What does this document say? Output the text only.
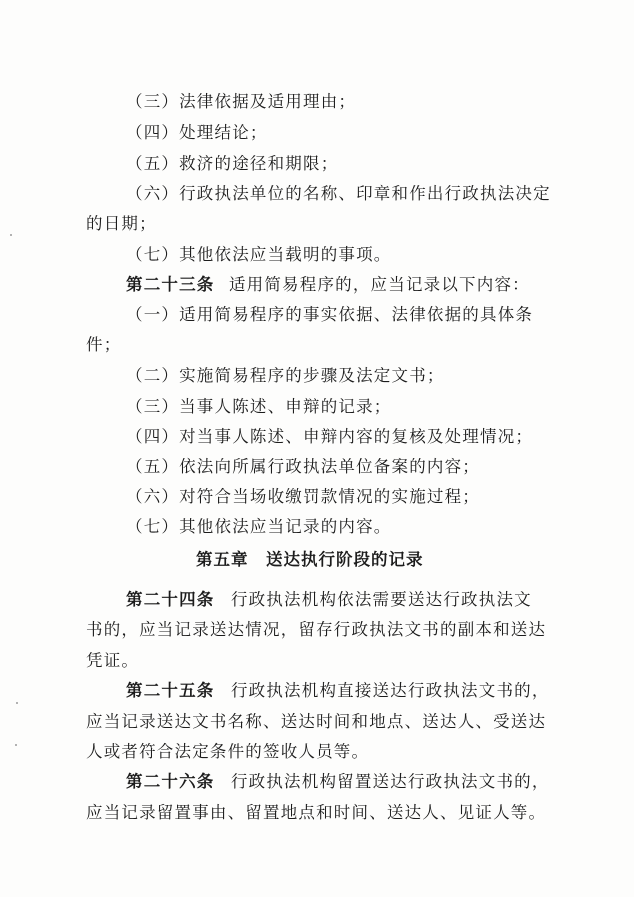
（三）法律依据及适用理由；
（四）处理结论；
（五）救济的途径和期限；
（六）行政执法单位的名称、印章和作出行政执法决定
的日期；
（七）其他依法应当载明的事项。
第二十三条 适用简易程序的，应当记录以下内容：
（一）适用简易程序的事实依据、法律依据的具体条
件；
（二）实施简易程序的步骤及法定文书；
（三）当事人陈述、申辩的记录；
（四）对当事人陈述、申辩内容的复核及处理情况；
（五）依法向所属行政执法单位备案的内容；
（六）对符合当场收缴罚款情况的实施过程；
（七）其他依法应当记录的内容。
第五章　送达执行阶段的记录
第二十四条 行政执法机构依法需要送达行政执法文
书的，应当记录送达情况，留存行政执法文书的副本和送达
凭证。
第二十五条 行政执法机构直接送达行政执法文书的，
应当记录送达文书名称、送达时间和地点、送达人、受送达
人或者符合法定条件的签收人员等。
第二十六条 行政执法机构留置送达行政执法文书的，
应当记录留置事由、留置地点和时间、送达人、见证人等。
